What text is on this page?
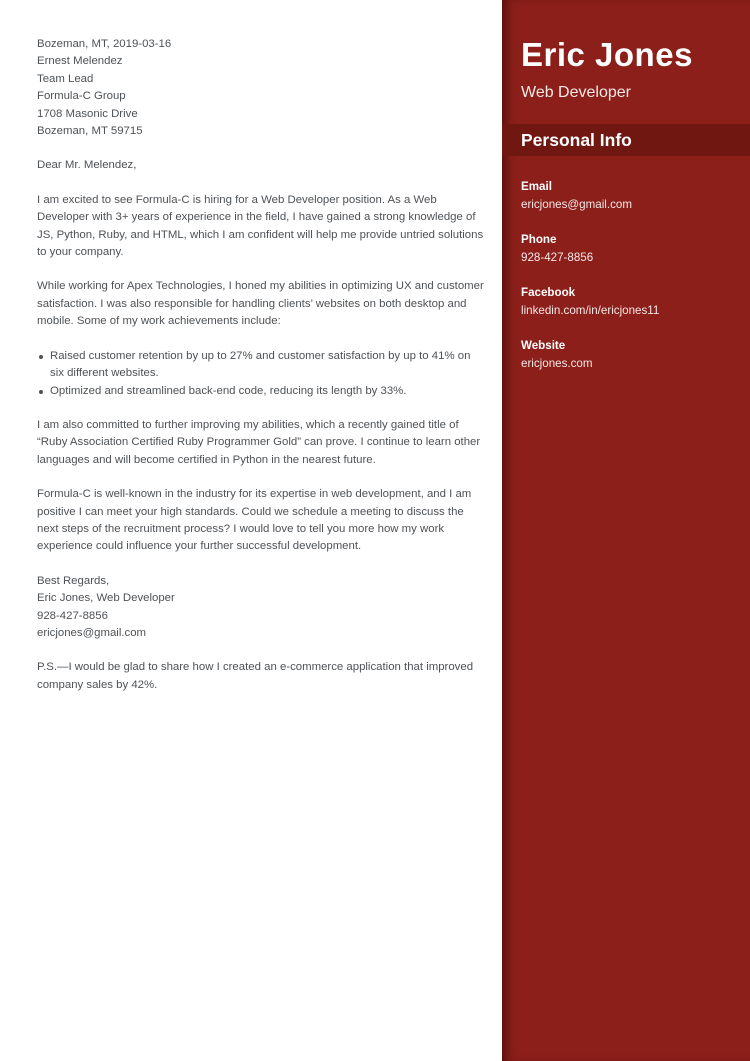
Bozeman, MT, 2019-03-16
Ernest Melendez
Team Lead
Formula-C Group
1708 Masonic Drive
Bozeman, MT 59715

Dear Mr. Melendez,

I am excited to see Formula-C is hiring for a Web Developer position. As a Web Developer with 3+ years of experience in the field, I have gained a strong knowledge of JS, Python, Ruby, and HTML, which I am confident will help me provide untried solutions to your company.

While working for Apex Technologies, I honed my abilities in optimizing UX and customer satisfaction. I was also responsible for handling clients’ websites on both desktop and mobile. Some of my work achievements include:

Raised customer retention by up to 27% and customer satisfaction by up to 41% on six different websites.
Optimized and streamlined back-end code, reducing its length by 33%.

I am also committed to further improving my abilities, which a recently gained title of “Ruby Association Certified Ruby Programmer Gold” can prove. I continue to learn other languages and will become certified in Python in the nearest future.

Formula-C is well-known in the industry for its expertise in web development, and I am positive I can meet your high standards. Could we schedule a meeting to discuss the next steps of the recruitment process? I would love to tell you more how my work experience could influence your further successful development.

Best Regards,
Eric Jones, Web Developer
928-427-8856
ericjones@gmail.com

P.S.—I would be glad to share how I created an e-commerce application that improved company sales by 42%.

Eric Jones
Web Developer
Personal Info
Email
ericjones@gmail.com
Phone
928-427-8856
Facebook
linkedin.com/in/ericjones11
Website
ericjones.com
